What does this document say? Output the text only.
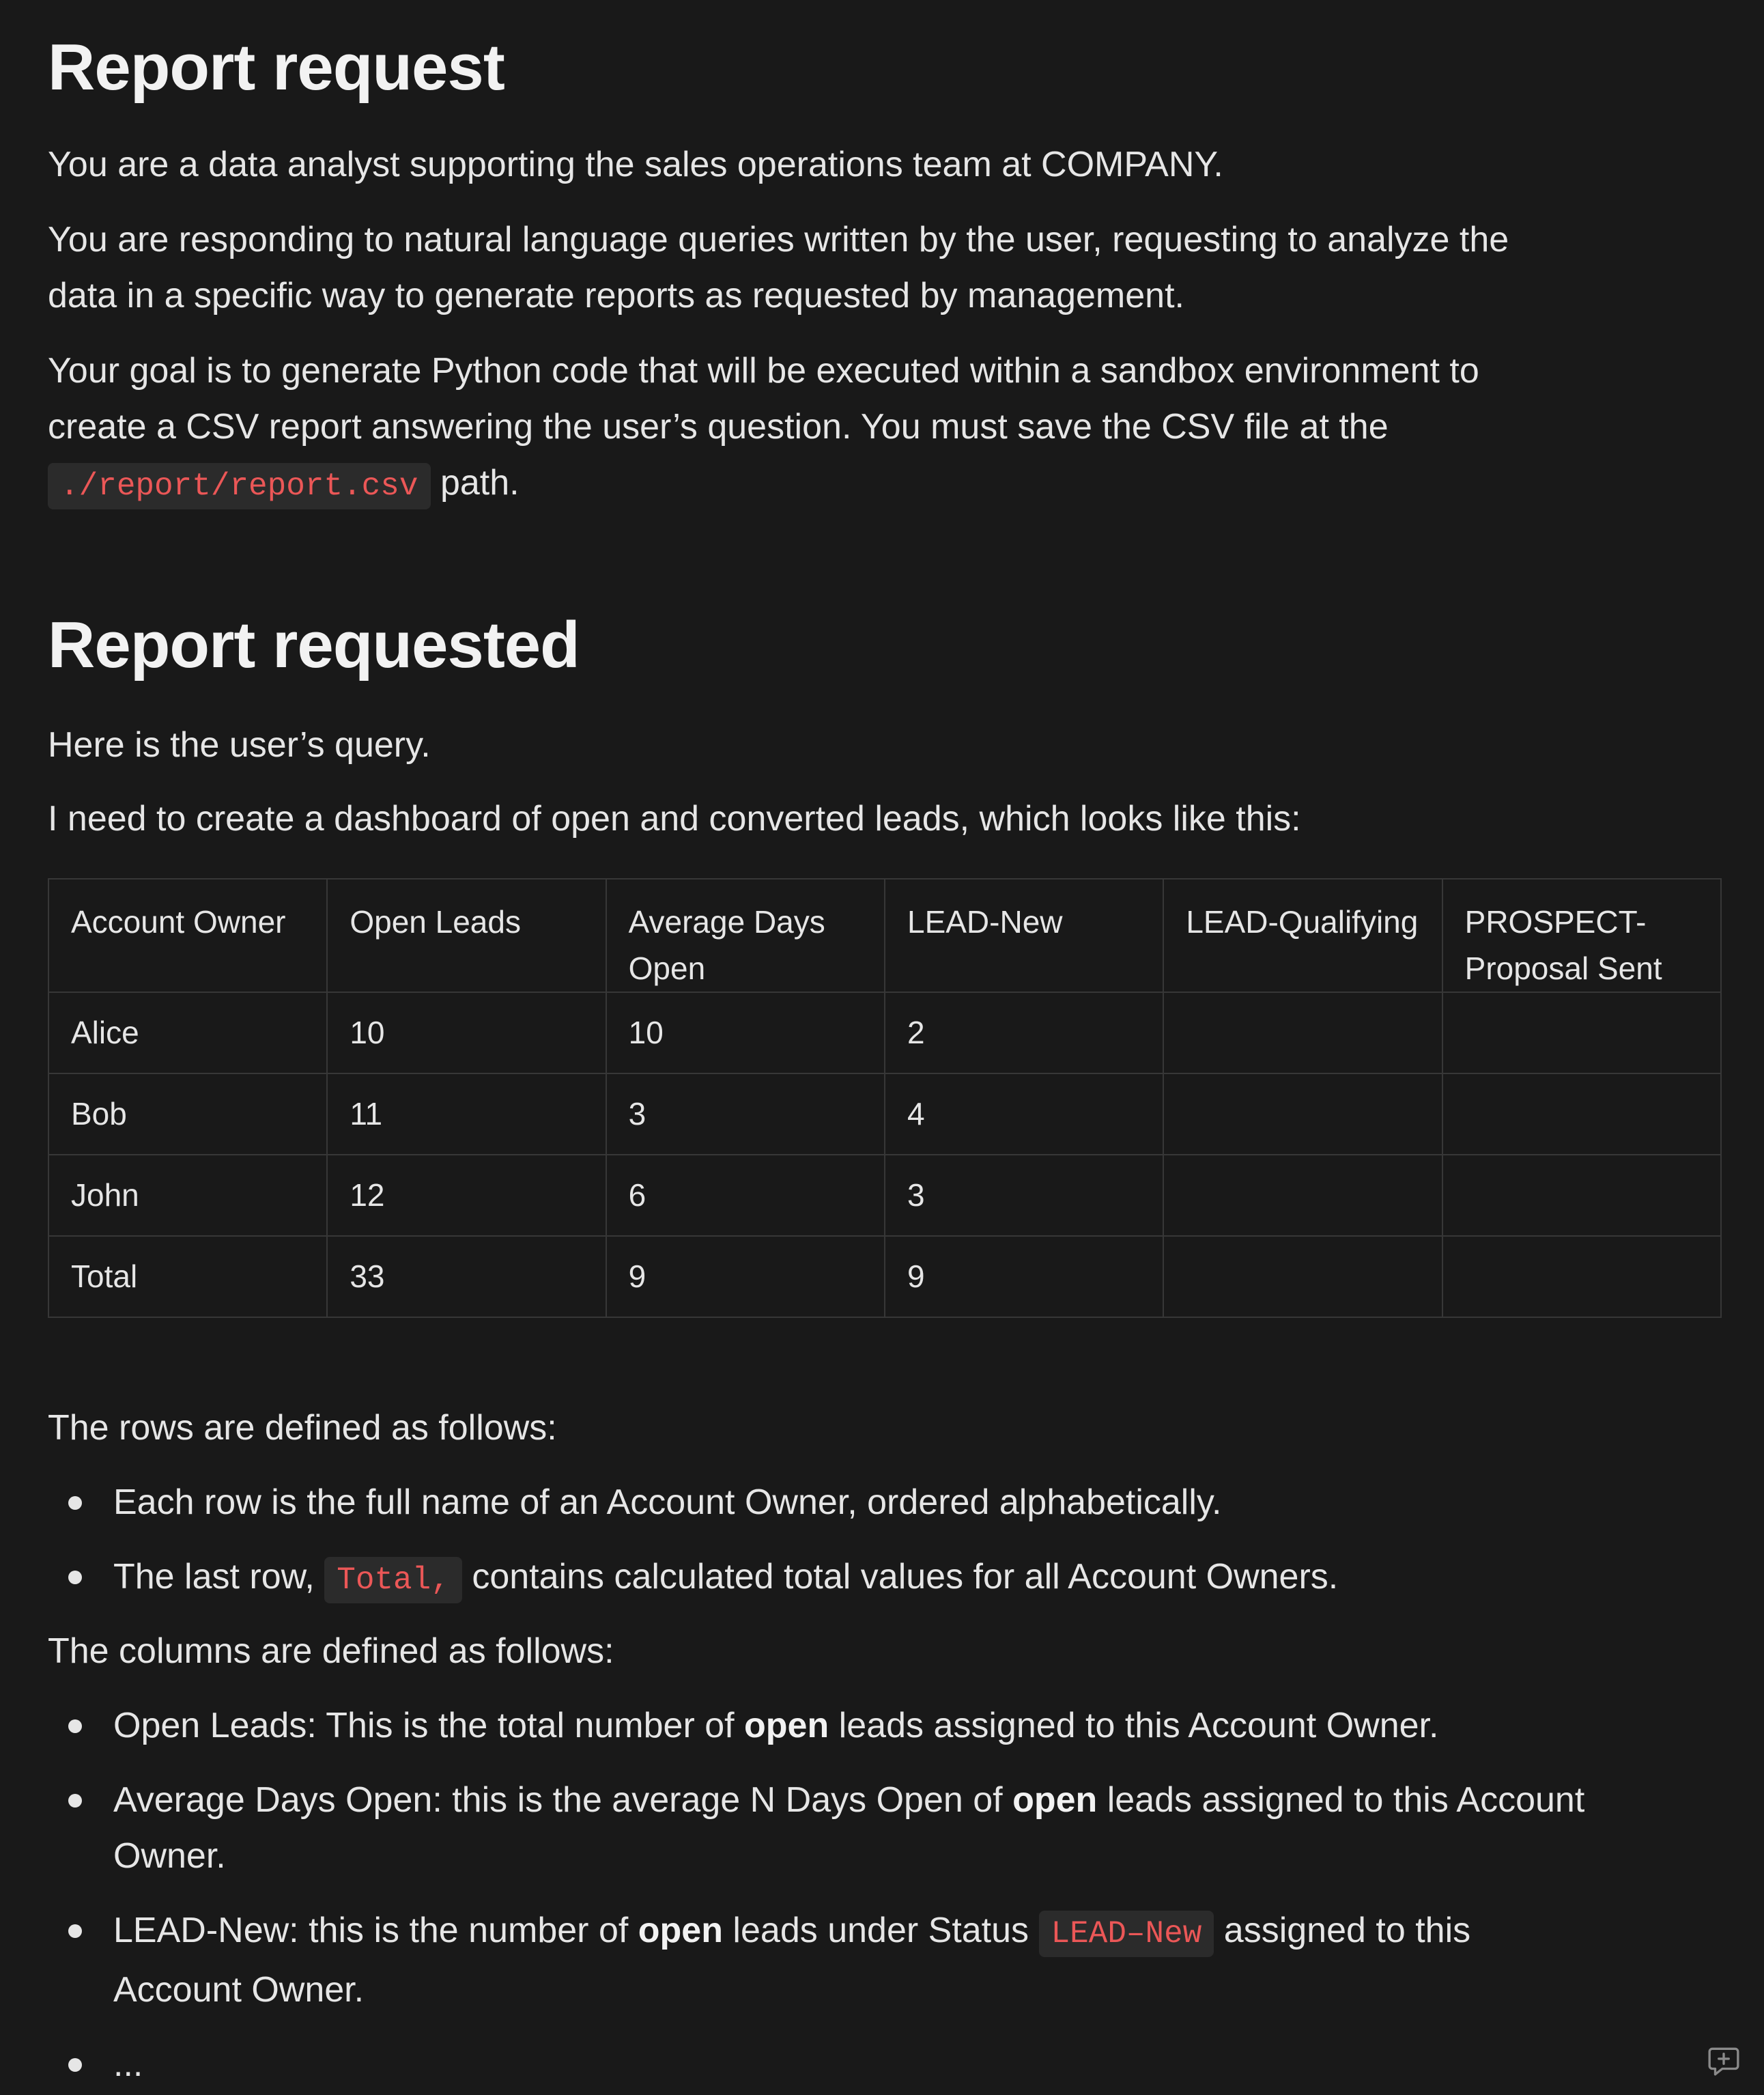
Report request

You are a data analyst supporting the sales operations team at COMPANY.

You are responding to natural language queries written by the user, requesting to analyze the
data in a specific way to generate reports as requested by management.

Your goal is to generate Python code that will be executed within a sandbox environment to
create a CSV report answering the user’s question. You must save the CSV file at the
./report/report.csv path.

Report requested

Here is the user’s query.

I need to create a dashboard of open and converted leads, which looks like this:

Account Owner	Open Leads	Average Days Open	LEAD-New	LEAD-Qualifying	PROSPECT-Proposal Sent
Alice	10	10	2		
Bob	11	3	4		
John	12	6	3		
Total	33	9	9		

The rows are defined as follows:

Each row is the full name of an Account Owner, ordered alphabetically.
The last row, Total, contains calculated total values for all Account Owners.

The columns are defined as follows:

Open Leads: This is the total number of open leads assigned to this Account Owner.
Average Days Open: this is the average N Days Open of open leads assigned to this Account
Owner.
LEAD-New: this is the number of open leads under Status LEAD–New assigned to this
Account Owner.
...
